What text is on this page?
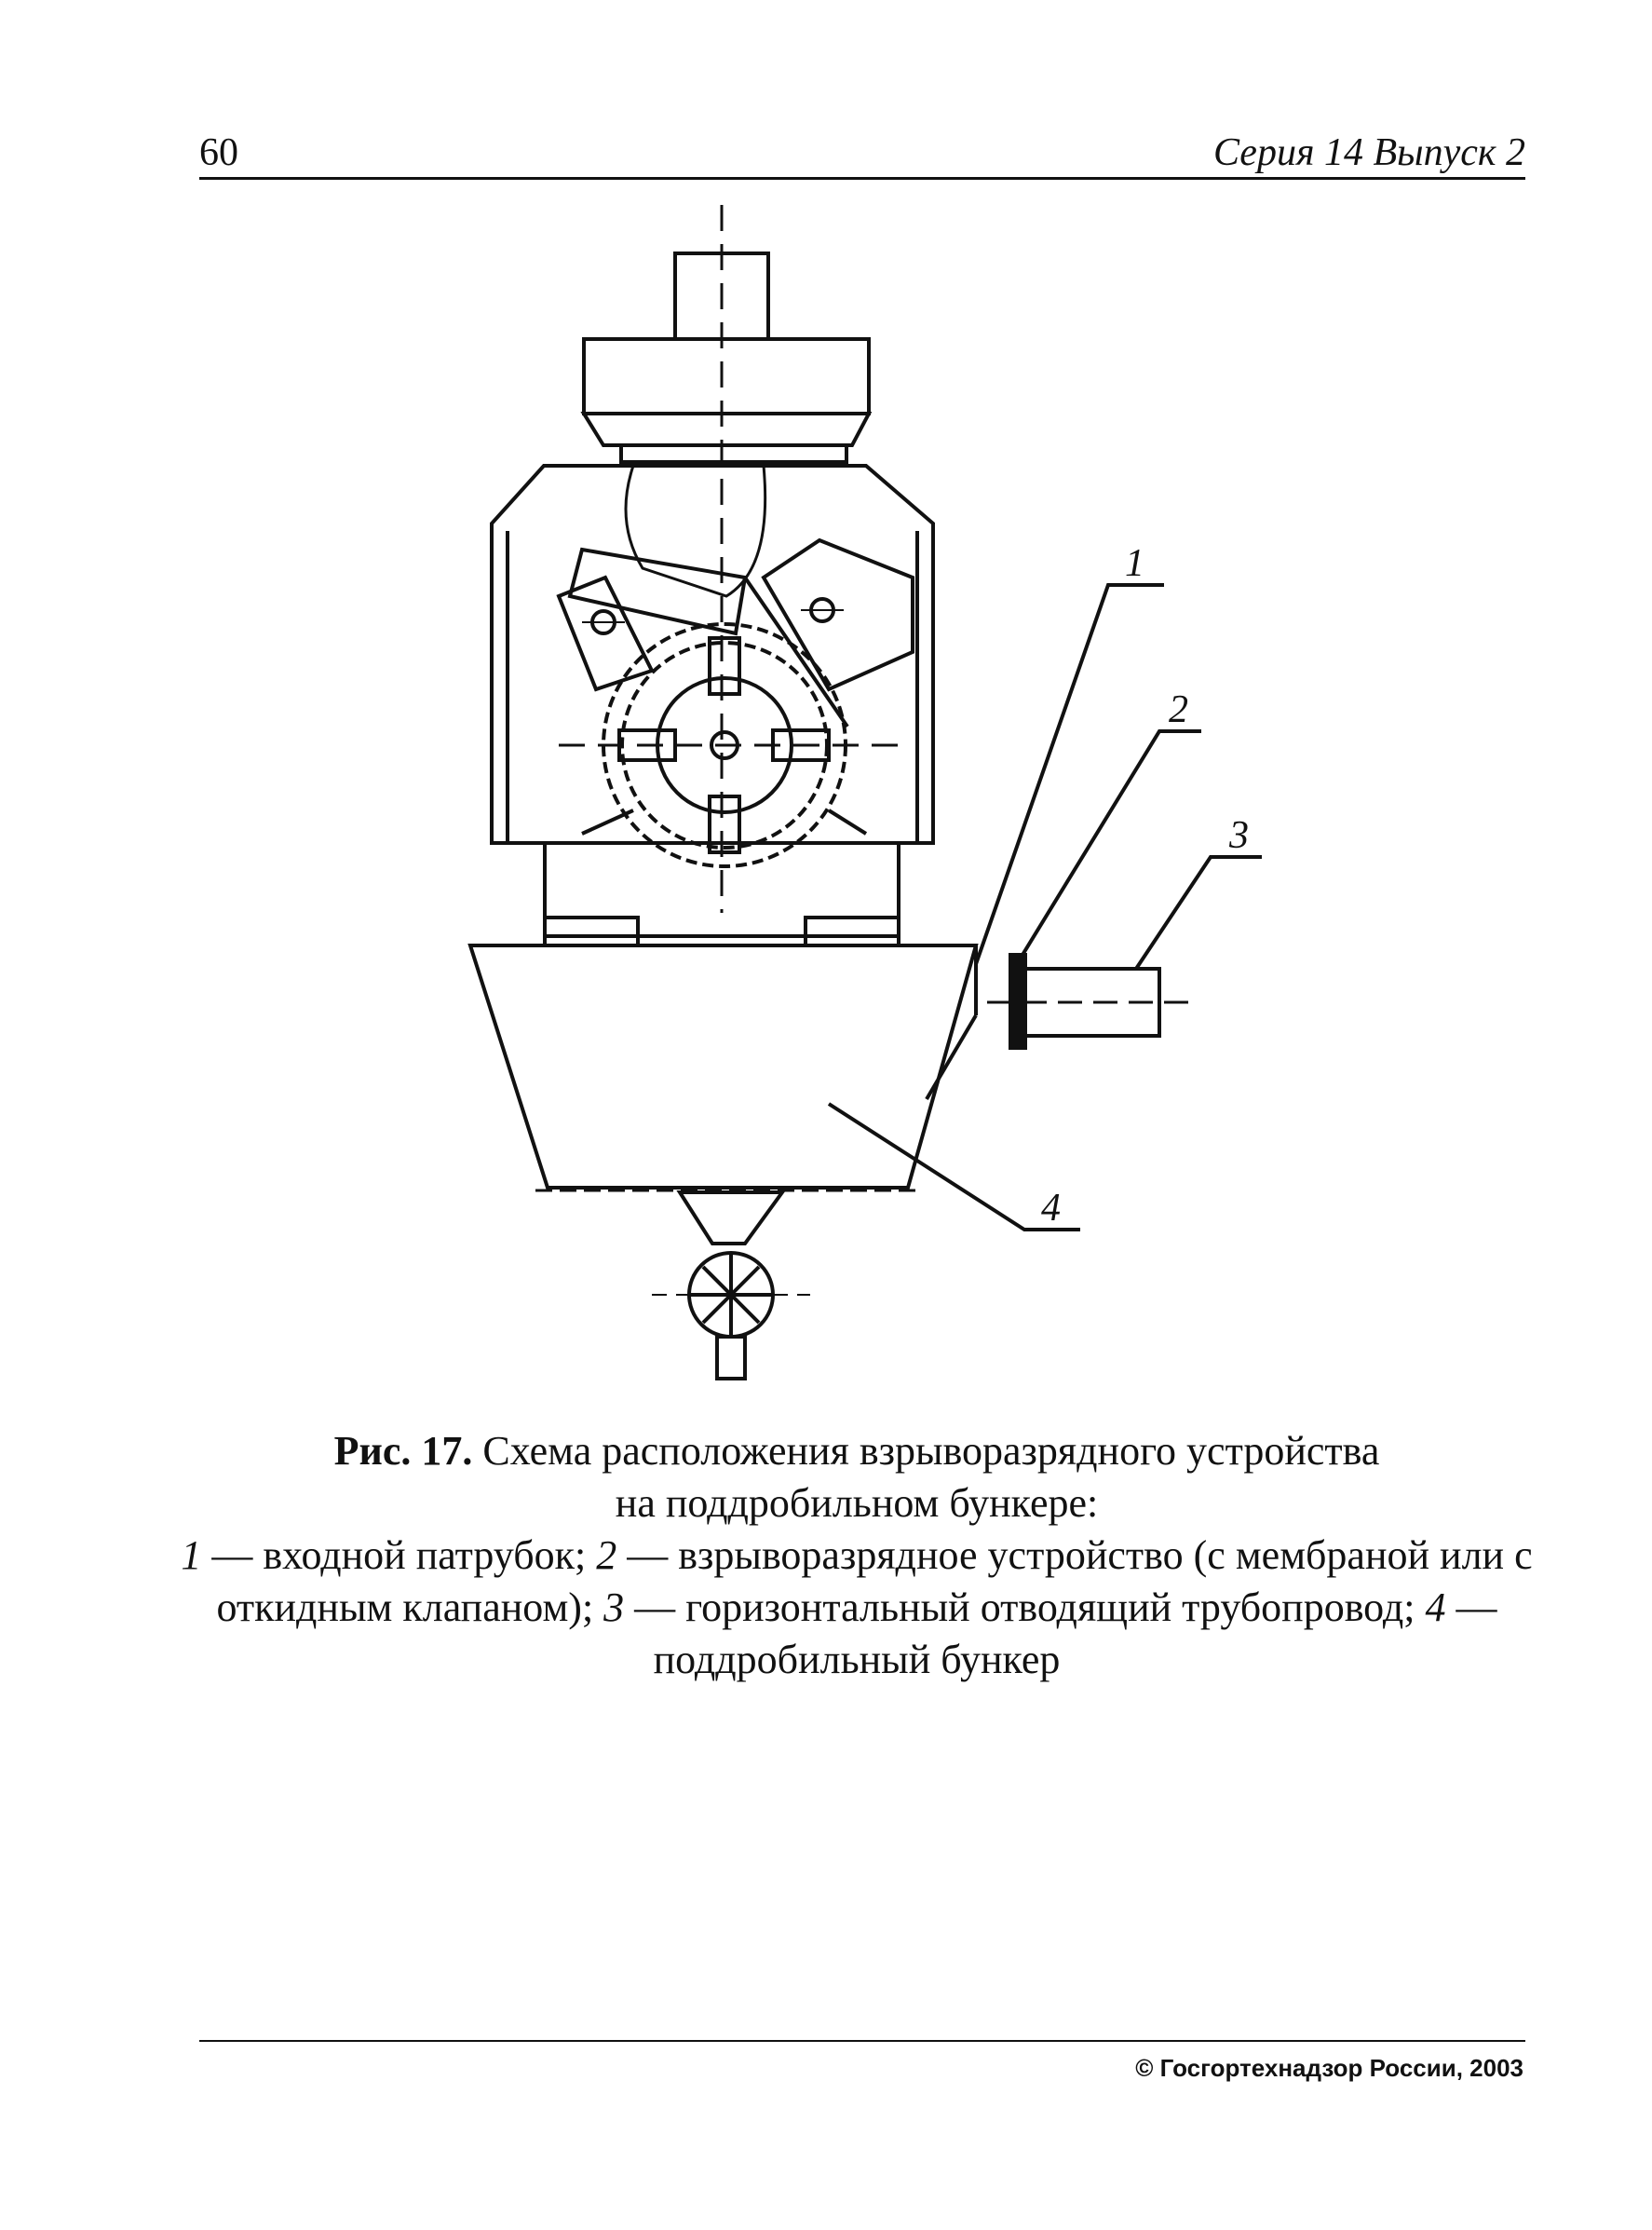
60	Серия 14 Выпуск 2
1
2
3
4
Рис. 17. Схема расположения взрыворазрядного устройства
на поддробильном бункере:
1 — входной патрубок; 2 — взрыворазрядное устройство (с мембраной или с откидным клапаном); 3 — горизонтальный отводящий трубопровод; 4 — поддробильный бункер
© Госгортехнадзор России, 2003
